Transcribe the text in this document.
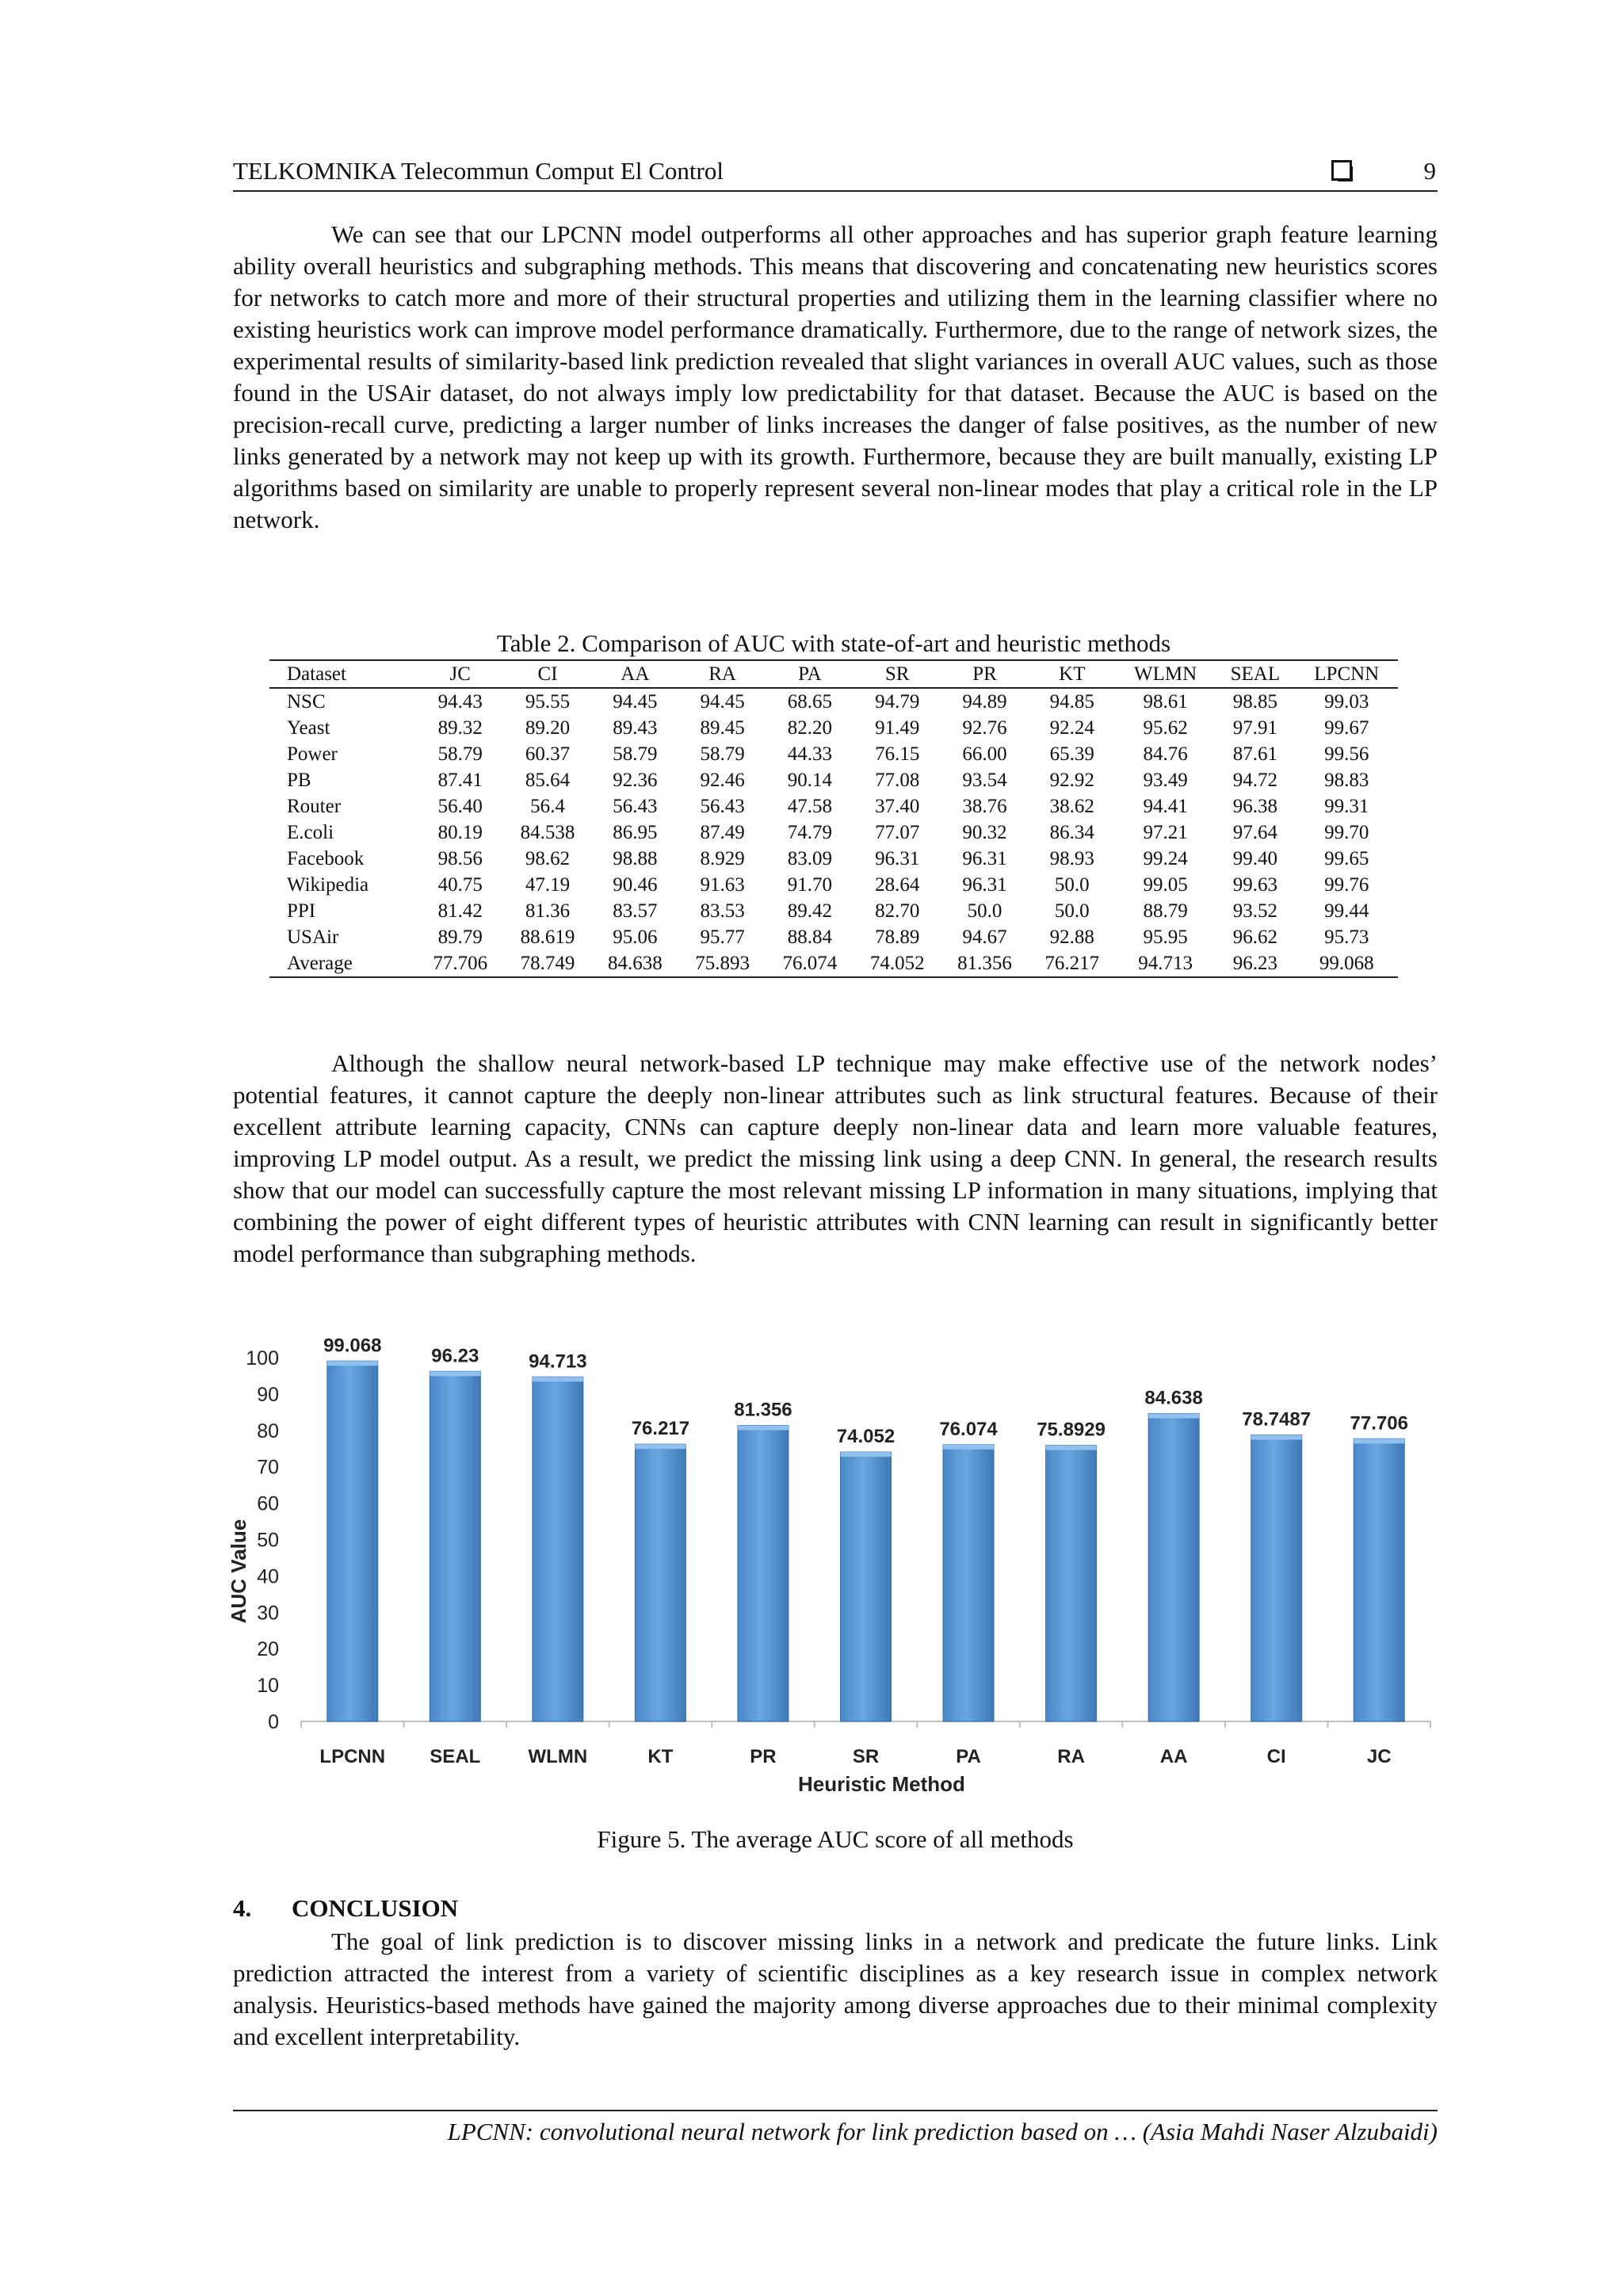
TELKOMNIKA Telecommun Comput El Control	9

We can see that our LPCNN model outperforms all other approaches and has superior graph feature learning ability overall heuristics and subgraphing methods. This means that discovering and concatenating new heuristics scores for networks to catch more and more of their structural properties and utilizing them in the learning classifier where no existing heuristics work can improve model performance dramatically. Furthermore, due to the range of network sizes, the experimental results of similarity-based link prediction revealed that slight variances in overall AUC values, such as those found in the USAir dataset, do not always imply low predictability for that dataset. Because the AUC is based on the precision-recall curve, predicting a larger number of links increases the danger of false positives, as the number of new links generated by a network may not keep up with its growth. Furthermore, because they are built manually, existing LP algorithms based on similarity are unable to properly represent several non-linear modes that play a critical role in the LP network.

Table 2. Comparison of AUC with state-of-art and heuristic methods
Dataset	JC	CI	AA	RA	PA	SR	PR	KT	WLMN	SEAL	LPCNN
NSC	94.43	95.55	94.45	94.45	68.65	94.79	94.89	94.85	98.61	98.85	99.03
Yeast	89.32	89.20	89.43	89.45	82.20	91.49	92.76	92.24	95.62	97.91	99.67
Power	58.79	60.37	58.79	58.79	44.33	76.15	66.00	65.39	84.76	87.61	99.56
PB	87.41	85.64	92.36	92.46	90.14	77.08	93.54	92.92	93.49	94.72	98.83
Router	56.40	56.4	56.43	56.43	47.58	37.40	38.76	38.62	94.41	96.38	99.31
E.coli	80.19	84.538	86.95	87.49	74.79	77.07	90.32	86.34	97.21	97.64	99.70
Facebook	98.56	98.62	98.88	8.929	83.09	96.31	96.31	98.93	99.24	99.40	99.65
Wikipedia	40.75	47.19	90.46	91.63	91.70	28.64	96.31	50.0	99.05	99.63	99.76
PPI	81.42	81.36	83.57	83.53	89.42	82.70	50.0	50.0	88.79	93.52	99.44
USAir	89.79	88.619	95.06	95.77	88.84	78.89	94.67	92.88	95.95	96.62	95.73
Average	77.706	78.749	84.638	75.893	76.074	74.052	81.356	76.217	94.713	96.23	99.068

Although the shallow neural network-based LP technique may make effective use of the network nodes’ potential features, it cannot capture the deeply non-linear attributes such as link structural features. Because of their excellent attribute learning capacity, CNNs can capture deeply non-linear data and learn more valuable features, improving LP model output. As a result, we predict the missing link using a deep CNN. In general, the research results show that our model can successfully capture the most relevant missing LP information in many situations, implying that combining the power of eight different types of heuristic attributes with CNN learning can result in significantly better model performance than subgraphing methods.

0
10
20
30
40
50
60
70
80
90
100
99.068
LPCNN
96.23
SEAL
94.713
WLMN
76.217
KT
81.356
PR
74.052
SR
76.074
PA
75.8929
RA
84.638
AA
78.7487
CI
77.706
JC
Heuristic Method
AUC Value
Figure 5. The average AUC score of all methods
4. CONCLUSION

The goal of link prediction is to discover missing links in a network and predicate the future links. Link prediction attracted the interest from a variety of scientific disciplines as a key research issue in complex network analysis. Heuristics-based methods have gained the majority among diverse approaches due to their minimal complexity and excellent interpretability.

LPCNN: convolutional neural network for link prediction based on … (Asia Mahdi Naser Alzubaidi)
